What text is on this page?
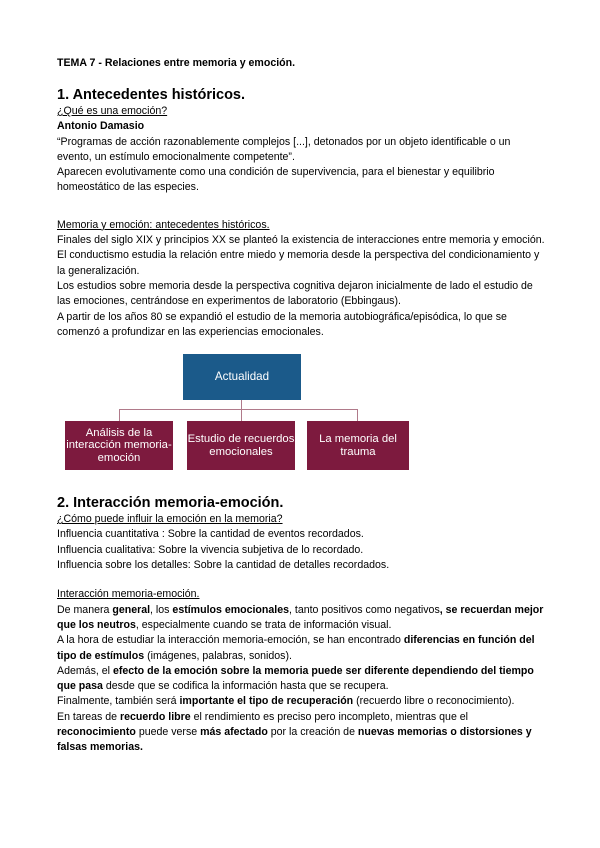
TEMA 7 - Relaciones entre memoria y emoción.

1. Antecedentes históricos.

¿Qué es una emoción?

Antonio Damasio

“Programas de acción razonablemente complejos [...], detonados por un objeto identificable o un evento, un estímulo emocionalmente competente”.

Aparecen evolutivamente como una condición de supervivencia, para el bienestar y equilibrio homeostático de las especies.

Memoria y emoción: antecedentes históricos.

Finales del siglo XIX y principios XX se planteó la existencia de interacciones entre memoria y emoción.

El conductismo estudia la relación entre miedo y memoria desde la perspectiva del condicionamiento y la generalización.

Los estudios sobre memoria desde la perspectiva cognitiva dejaron inicialmente de lado el estudio de las emociones, centrándose en experimentos de laboratorio (Ebbingaus).

A partir de los años 80 se expandió el estudio de la memoria autobiográfica/episódica, lo que se comenzó a profundizar en las experiencias emocionales.

Actualidad
Análisis de la interacción memoria-emoción
Estudio de recuerdos emocionales
La memoria del trauma

2. Interacción memoria-emoción.

¿Cómo puede influir la emoción en la memoria?

Influencia cuantitativa : Sobre la cantidad de eventos recordados.

Influencia cualitativa: Sobre la vivencia subjetiva de lo recordado.

Influencia sobre los detalles: Sobre la cantidad de detalles recordados.

Interacción memoria-emoción.

De manera general, los estímulos emocionales, tanto positivos como negativos, se recuerdan mejor que los neutros, especialmente cuando se trata de información visual.

A la hora de estudiar la interacción memoria-emoción, se han encontrado diferencias en función del tipo de estímulos (imágenes, palabras, sonidos).

Además, el efecto de la emoción sobre la memoria puede ser diferente dependiendo del tiempo que pasa desde que se codifica la información hasta que se recupera.

Finalmente, también será importante el tipo de recuperación (recuerdo libre o reconocimiento).

En tareas de recuerdo libre el rendimiento es preciso pero incompleto, mientras que el reconocimiento puede verse más afectado por la creación de nuevas memorias o distorsiones y falsas memorias.
